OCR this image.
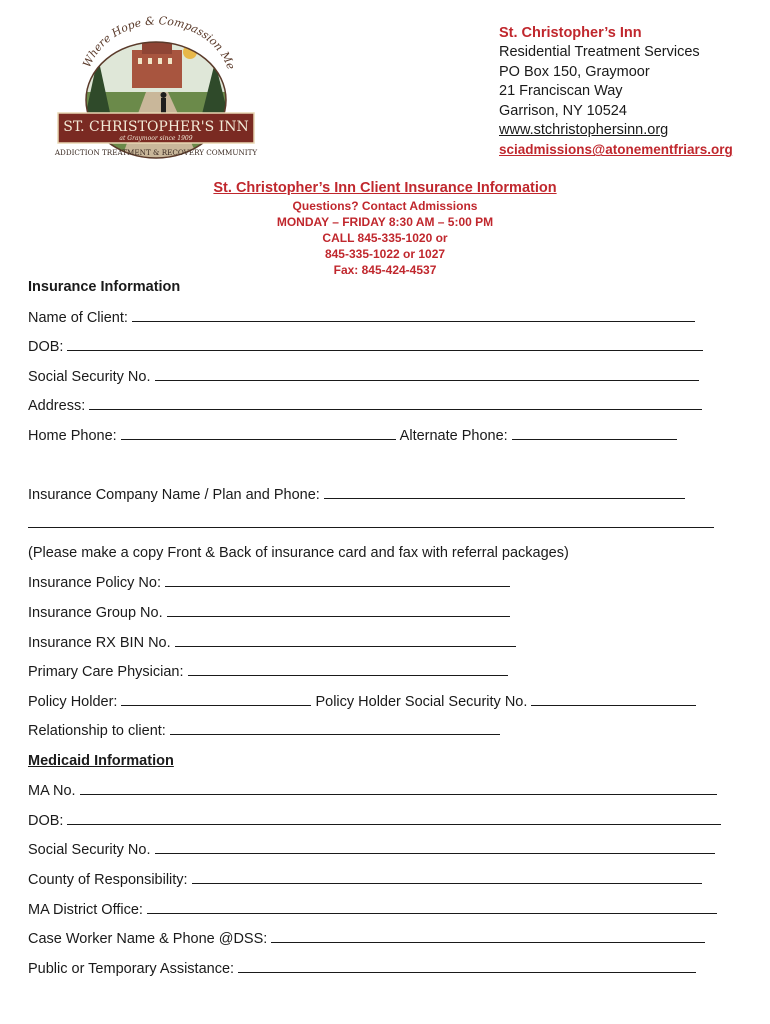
Where Hope & Compassion Me
ST. CHRISTOPHER'S INN
at Graymoor since 1909
ADDICTION TREATMENT & RECOVERY COMMUNITY
St. Christopher’s Inn
Residential Treatment Services
PO Box 150, Graymoor
21 Franciscan Way
Garrison, NY 10524
www.stchristophersinn.org
sciadmissions@atonementfriars.org
St. Christopher’s Inn Client Insurance Information
Questions? Contact Admissions
MONDAY – FRIDAY 8:30 AM – 5:00 PM
CALL 845-335-1020 or
845-335-1022 or 1027
Fax: 845-424-4537
Insurance Information
Name of Client:
DOB:
Social Security No.
Address:
Home Phone:	Alternate Phone:
Insurance Company Name / Plan and Phone:
(Please make a copy Front & Back of insurance card and fax with referral packages)
Insurance Policy No:
Insurance Group No.
Insurance RX BIN No.
Primary Care Physician:
Policy Holder:	Policy Holder Social Security No.
Relationship to client:
Medicaid Information
MA No.
DOB:
Social Security No.
County of Responsibility:
MA District Office:
Case Worker Name & Phone @DSS:
Public or Temporary Assistance:
